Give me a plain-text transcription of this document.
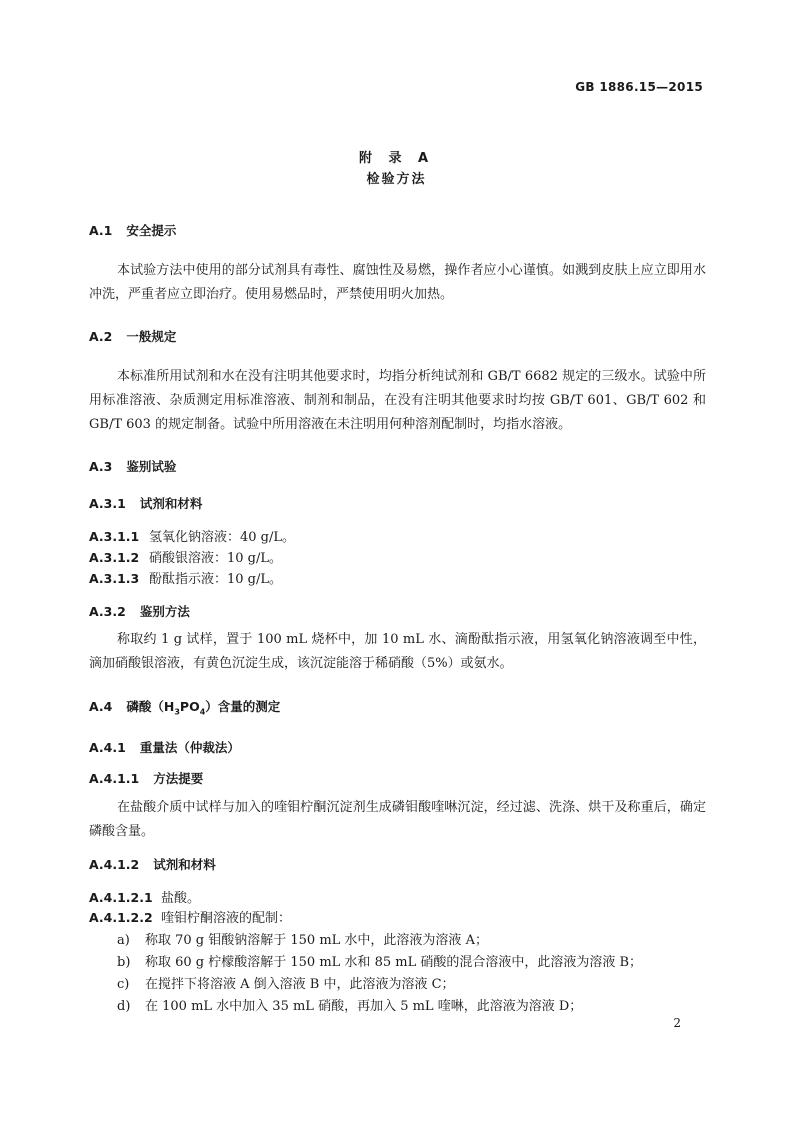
GB 1886.15—2015
附 录 A
检验方法
A.1 安全提示
本试验方法中使用的部分试剂具有毒性、腐蚀性及易燃，操作者应小心谨慎。如溅到皮肤上应立即用水冲洗，严重者应立即治疗。使用易燃品时，严禁使用明火加热。
A.2 一般规定
本标准所用试剂和水在没有注明其他要求时，均指分析纯试剂和 GB/T 6682 规定的三级水。试验中所用标准溶液、杂质测定用标准溶液、制剂和制品，在没有注明其他要求时均按 GB/T 601、GB/T 602 和 GB/T 603 的规定制备。试验中所用溶液在未注明用何种溶剂配制时，均指水溶液。
A.3 鉴别试验
A.3.1 试剂和材料
A.3.1.1 氢氧化钠溶液：40 g/L。
A.3.1.2 硝酸银溶液：10 g/L。
A.3.1.3 酚酞指示液：10 g/L。
A.3.2 鉴别方法
称取约 1 g 试样，置于 100 mL 烧杯中，加 10 mL 水、滴酚酞指示液，用氢氧化钠溶液调至中性，滴加硝酸银溶液，有黄色沉淀生成，该沉淀能溶于稀硝酸（5%）或氨水。
A.4 磷酸$(H_3PO_4)$含量的测定
A.4.1 重量法（仲裁法）
A.4.1.1 方法提要
在盐酸介质中试样与加入的喹钼柠酮沉淀剂生成磷钼酸喹啉沉淀，经过滤、洗涤、烘干及称重后，确定磷酸含量。
A.4.1.2 试剂和材料
A.4.1.2.1 盐酸。
A.4.1.2.2 喹钼柠酮溶液的配制：
a) 称取 70 g 钼酸钠溶解于 150 mL 水中，此溶液为溶液 A；
b) 称取 60 g 柠檬酸溶解于 150 mL 水和 85 mL 硝酸的混合溶液中，此溶液为溶液 B；
c) 在搅拌下将溶液 A 倒入溶液 B 中，此溶液为溶液 C；
d) 在 100 mL 水中加入 35 mL 硝酸，再加入 5 mL 喹啉，此溶液为溶液 D；
2
